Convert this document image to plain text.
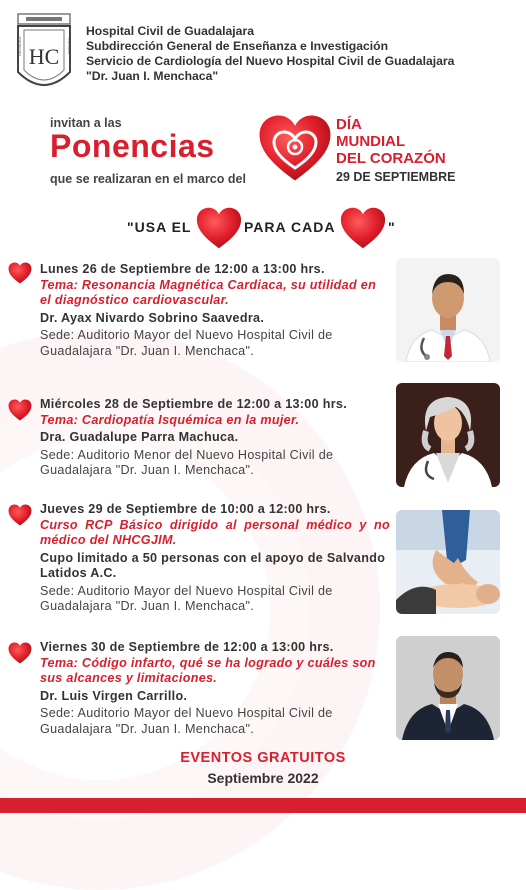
HC
DIGNIDAD	CIENCIA
Hospital Civil de Guadalajara
Subdirección General de Enseñanza e Investigación
Servicio de Cardiología del Nuevo Hospital Civil de Guadalajara
"Dr. Juan I. Menchaca"
invitan a las
Ponencias
que se realizaran en el marco del
DÍA
MUNDIAL
DEL CORAZÓN
29 DE SEPTIEMBRE
"USA EL	PARA CADA	"
Lunes 26 de Septiembre de 12:00 a 13:00 hrs.
Tema: Resonancia Magnética Cardiaca, su utilidad en el diagnóstico cardiovascular.
Dr. Ayax Nivardo Sobrino Saavedra.
Sede: Auditorio Mayor del Nuevo Hospital Civil de Guadalajara "Dr. Juan I. Menchaca".
Miércoles 28 de Septiembre de 12:00 a 13:00 hrs.
Tema: Cardiopatía Isquémica en la mujer.
Dra. Guadalupe Parra Machuca.
Sede: Auditorio Menor del Nuevo Hospital Civil de Guadalajara "Dr. Juan I. Menchaca".
Jueves 29 de Septiembre de 10:00 a 12:00 hrs.
Curso RCP Básico dirigido al personal médico y no médico del NHCGJIM.
Cupo limitado a 50 personas con el apoyo de Salvando Latidos A.C.
Sede: Auditorio Mayor del Nuevo Hospital Civil de Guadalajara "Dr. Juan I. Menchaca".
Viernes 30 de Septiembre de 12:00 a 13:00 hrs.
Tema: Código infarto, qué se ha logrado y cuáles son sus alcances y limitaciones.
Dr. Luis Virgen Carrillo.
Sede: Auditorio Mayor del Nuevo Hospital Civil de Guadalajara "Dr. Juan I. Menchaca".
EVENTOS GRATUITOS
Septiembre 2022
